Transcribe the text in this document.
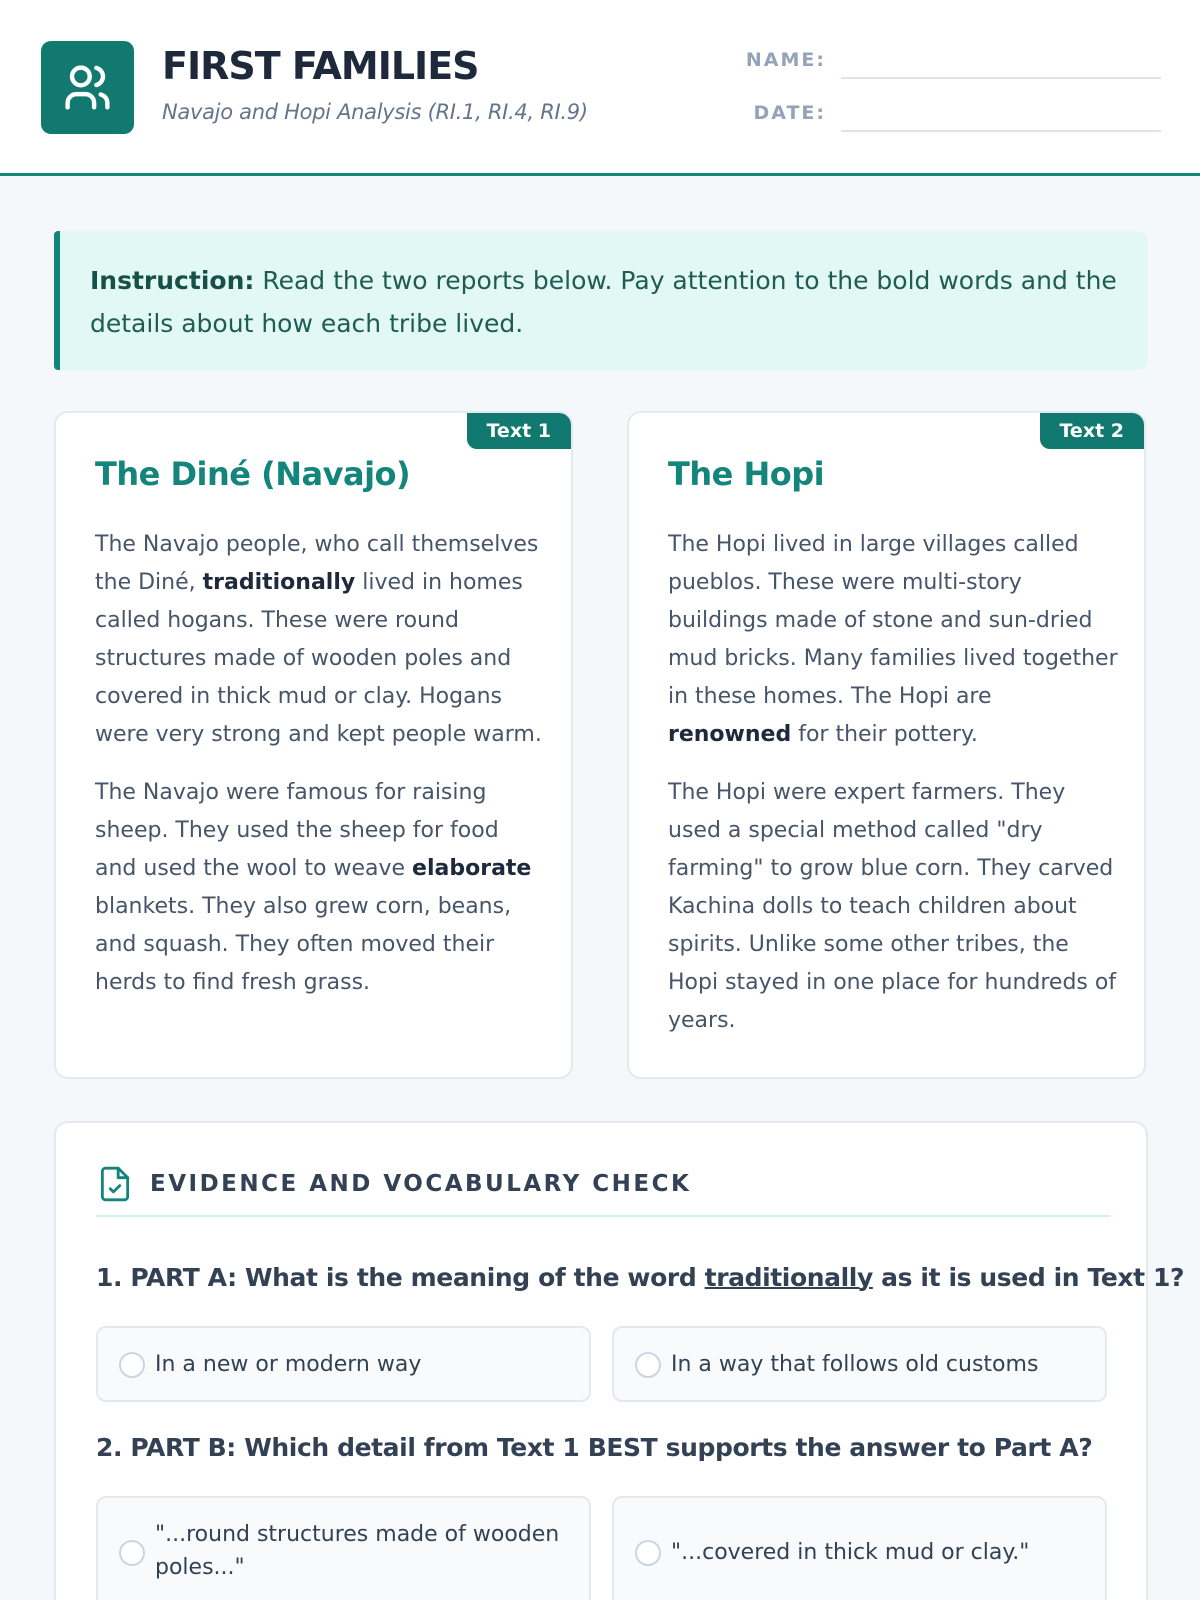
FIRST FAMILIES
Navajo and Hopi Analysis (RI.1, RI.4, RI.9)
NAME:
DATE:
Instruction: Read the two reports below. Pay attention to the bold words and the details about how each tribe lived.
Text 1
The Diné (Navajo)

The Navajo people, who call themselves the Diné, traditionally lived in homes called hogans. These were round structures made of wooden poles and covered in thick mud or clay. Hogans were very strong and kept people warm.

The Navajo were famous for raising sheep. They used the sheep for food and used the wool to weave elaborate blankets. They also grew corn, beans, and squash. They often moved their herds to find fresh grass.

Text 2
The Hopi

The Hopi lived in large villages called pueblos. These were multi-story buildings made of stone and sun-dried mud bricks. Many families lived together in these homes. The Hopi are renowned for their pottery.

The Hopi were expert farmers. They used a special method called "dry farming" to grow blue corn. They carved Kachina dolls to teach children about spirits. Unlike some other tribes, the Hopi stayed in one place for hundreds of years.

EVIDENCE AND VOCABULARY CHECK
1. PART A: What is the meaning of the word traditionally as it is used in Text 1?
In a new or modern way	In a way that follows old customs
2. PART B: Which detail from Text 1 BEST supports the answer to Part A?
"...round structures made of wooden poles..."
"...covered in thick mud or clay."
